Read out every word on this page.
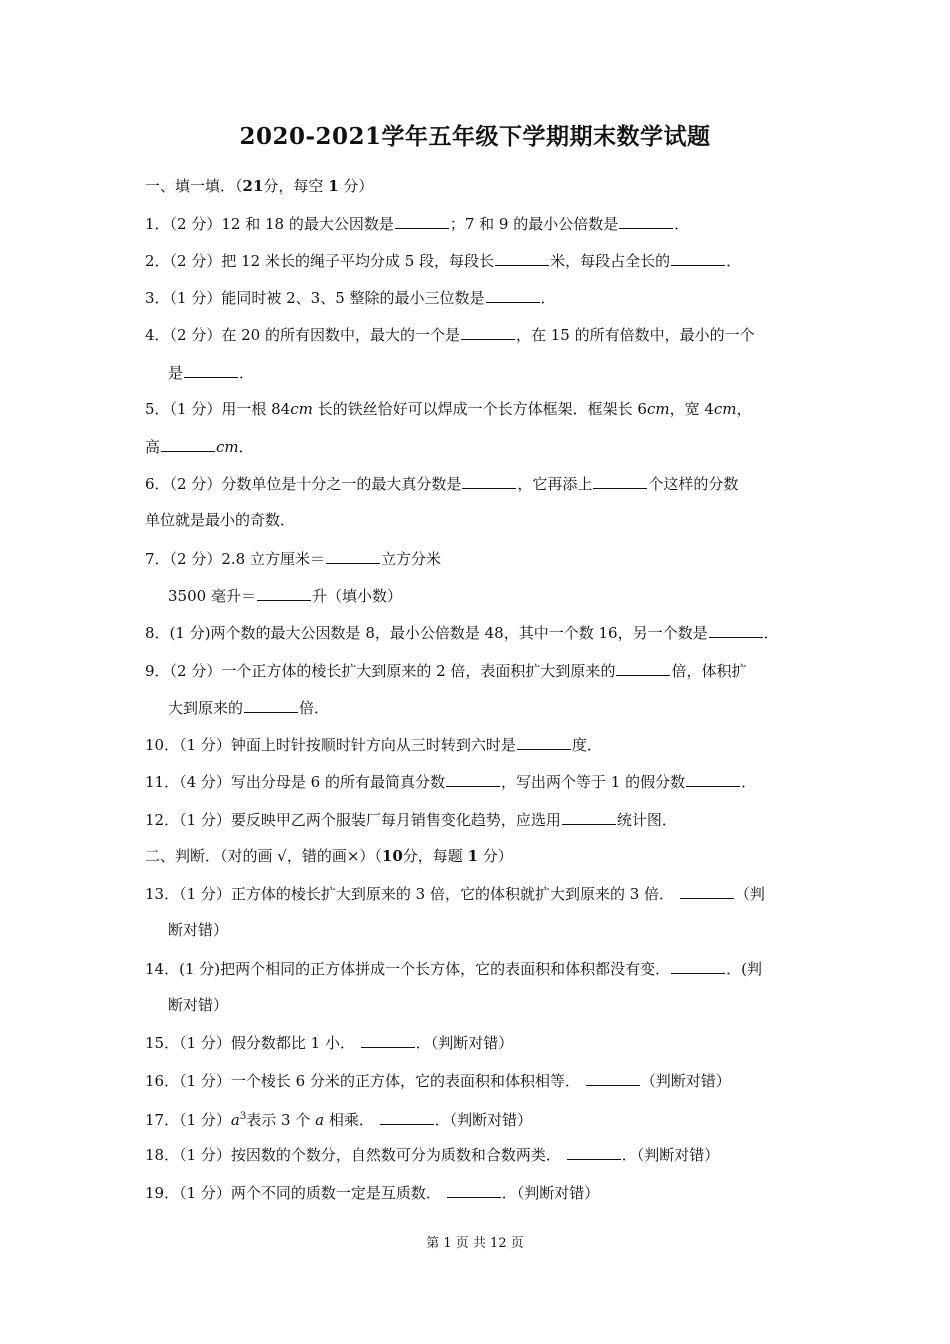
2020-2021学年五年级下学期期末数学试题
一、填一填．（21分，每空 1 分）
1．（2 分）12 和 18 的最大公因数是	；7 和 9 的最小公倍数是	．
2．（2 分）把 12 米长的绳子平均分成 5 段，每段长	米，每段占全长的	．
3．（1 分）能同时被 2、3、5 整除的最小三位数是	．
4．（2 分）在 20 的所有因数中，最大的一个是	，在 15 的所有倍数中，最小的一个
是	．
5．（1 分）用一根 84cm 长的铁丝恰好可以焊成一个长方体框架．框架长 6cm，宽 4cm，
高	cm．
6．（2 分）分数单位是十分之一的最大真分数是	，它再添上	个这样的分数
单位就是最小的奇数．
7．（2 分）2.8 立方厘米＝	立方分米
3500 毫升＝	升（填小数）
8．(1 分)两个数的最大公因数是 8，最小公倍数是 48，其中一个数 16，另一个数是	．
9．（2 分）一个正方体的棱长扩大到原来的 2 倍，表面积扩大到原来的	倍，体积扩
大到原来的	倍．
10．（1 分）钟面上时针按顺时针方向从三时转到六时是	度．
11．（4 分）写出分母是 6 的所有最简真分数	，写出两个等于 1 的假分数	．
12．（1 分）要反映甲乙两个服装厂每月销售变化趋势，应选用	统计图．
二、判断．（对的画 √，错的画×）（10分，每题 1 分）
13．（1 分）正方体的棱长扩大到原来的 3 倍，它的体积就扩大到原来的 3 倍．	（判
断对错）
14．(1 分)把两个相同的正方体拼成一个长方体，它的表面积和体积都没有变．	．(判
断对错）
15．（1 分）假分数都比 1 小．	．（判断对错）
16．（1 分）一个棱长 6 分米的正方体，它的表面积和体积相等．	（判断对错）
17．（1 分）$a^3$表示 3 个 a 相乘．	．（判断对错）
18．（1 分）按因数的个数分，自然数可分为质数和合数两类．	．（判断对错）
19．（1 分）两个不同的质数一定是互质数．	．（判断对错）
第 1 页 共 12 页
